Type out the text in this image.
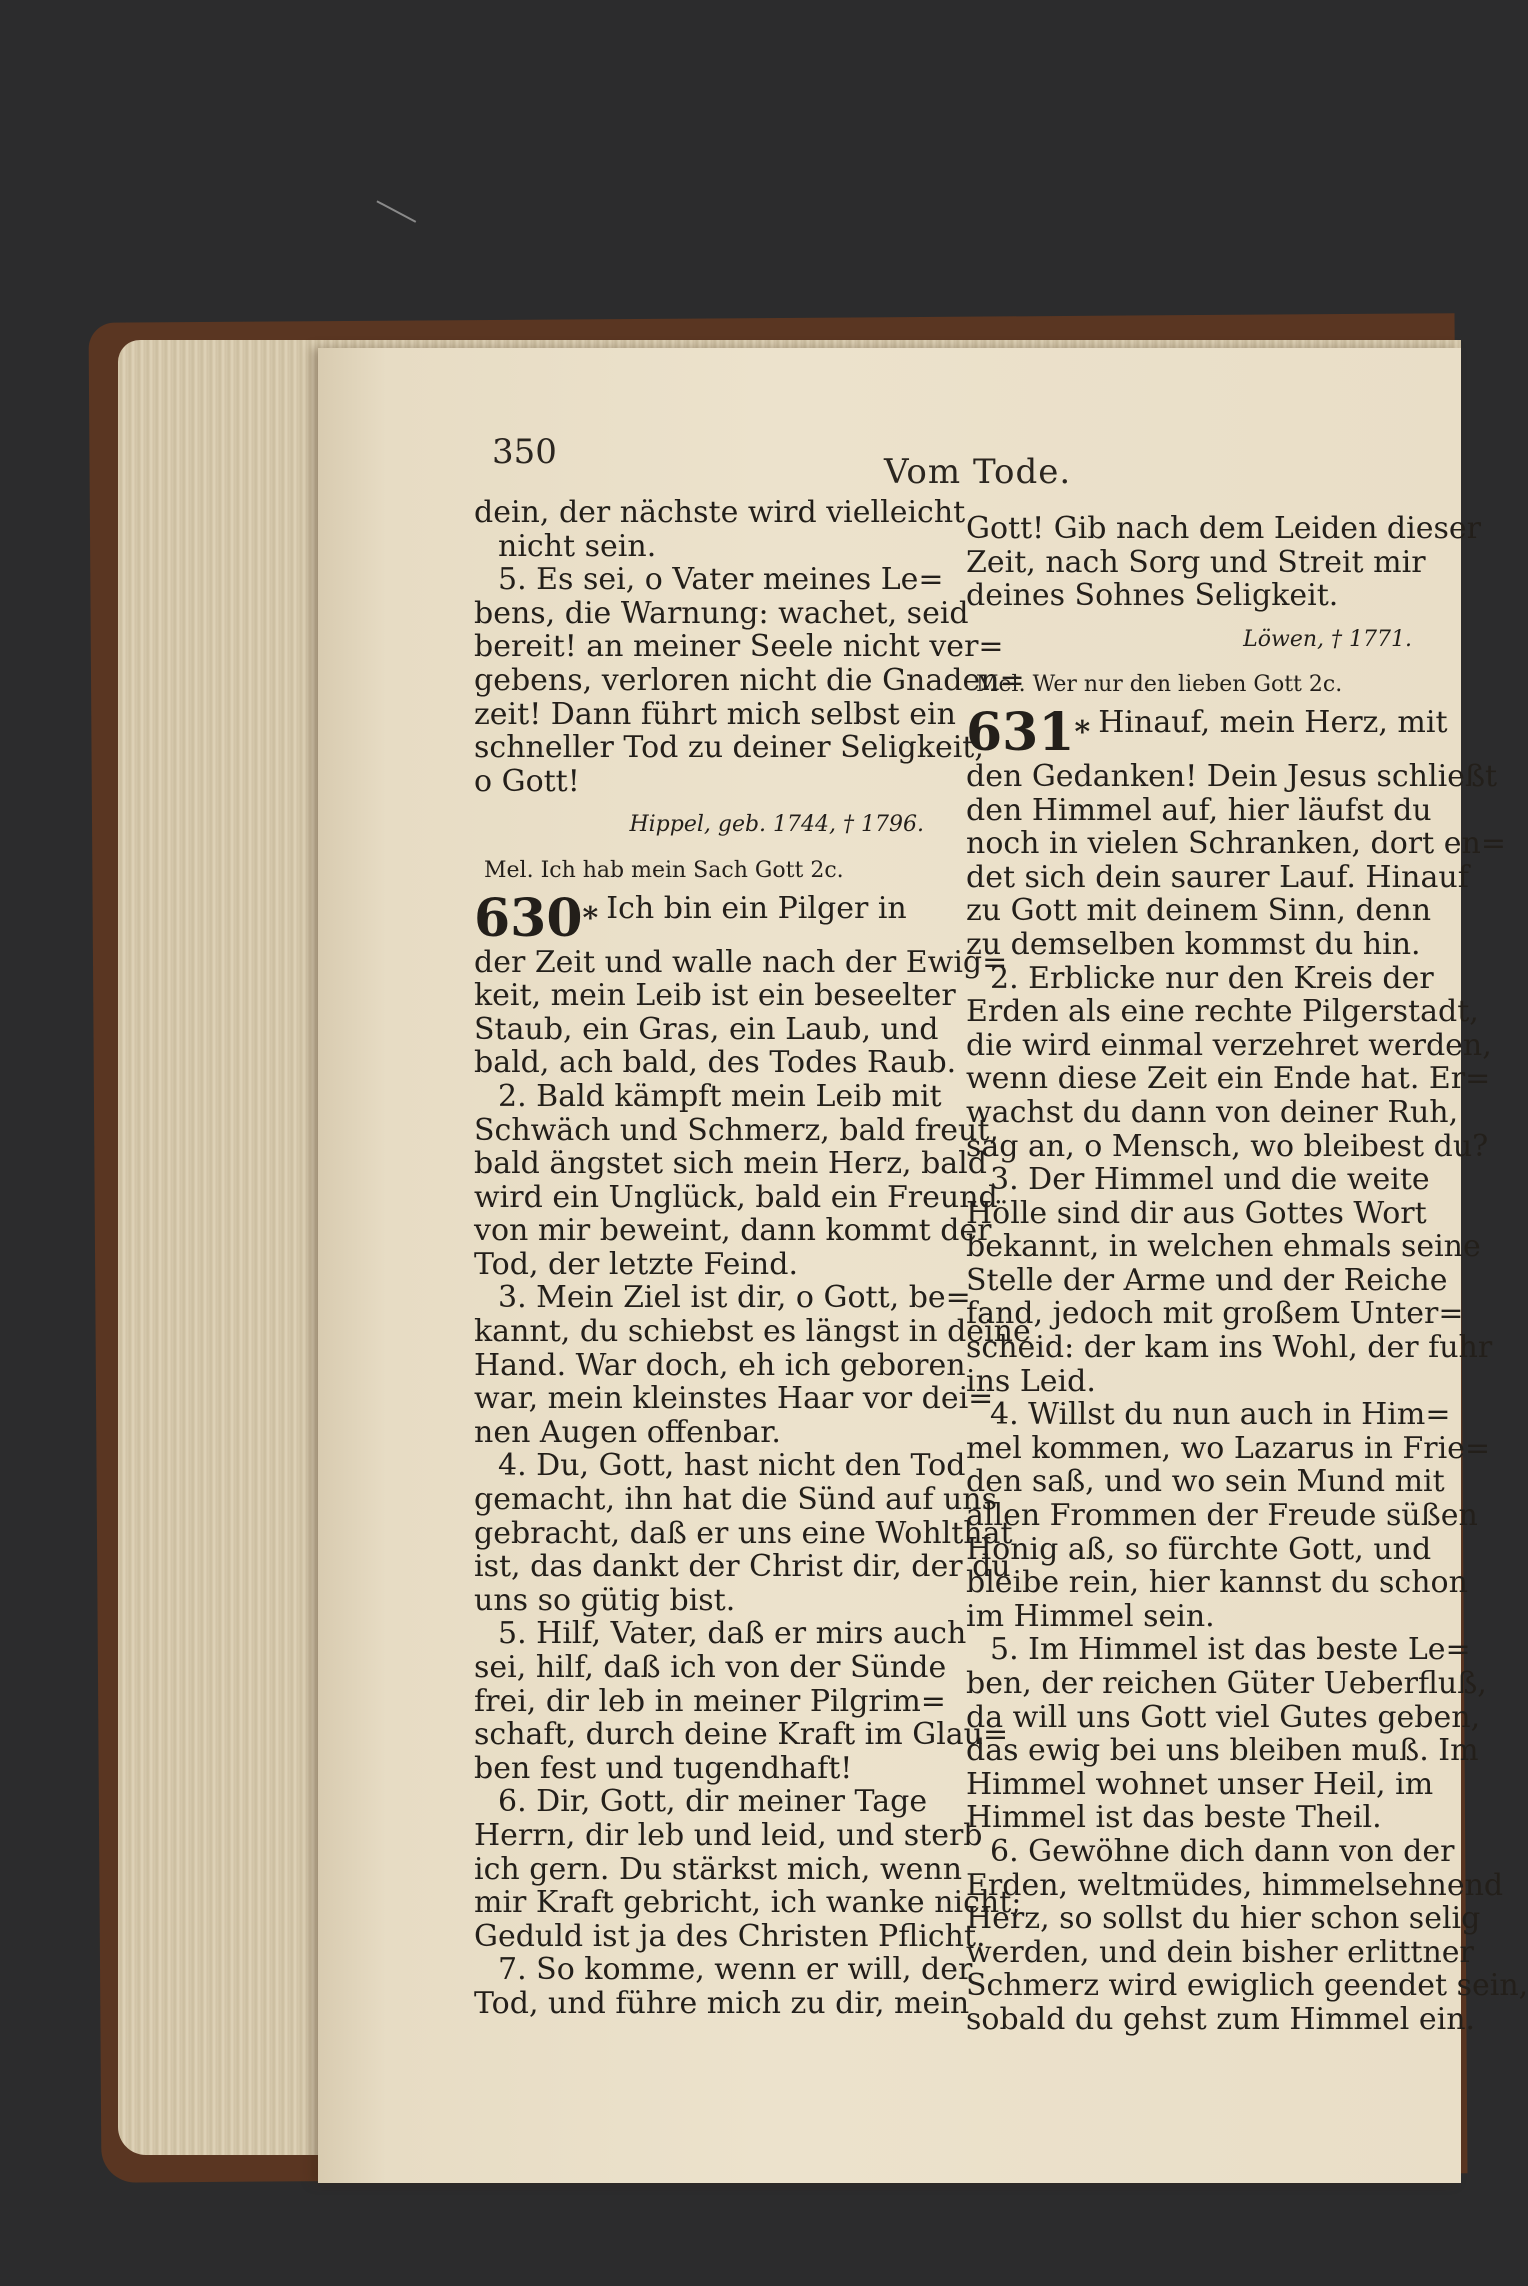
350	Vom Tode.
dein, der nächste wird vielleicht
nicht sein.
5. Es sei, o Vater meines Le=
bens, die Warnung: wachet, seid
bereit! an meiner Seele nicht ver=
gebens, verloren nicht die Gnaden=
zeit! Dann führt mich selbst ein
schneller Tod zu deiner Seligkeit,
o Gott!
Hippel, geb. 1744, † 1796.
Mel. Ich hab mein Sach Gott 2c.
630* Ich bin ein Pilger in
der Zeit und walle nach der Ewig=
keit, mein Leib ist ein beseelter
Staub, ein Gras, ein Laub, und
bald, ach bald, des Todes Raub.
2. Bald kämpft mein Leib mit
Schwäch und Schmerz, bald freut,
bald ängstet sich mein Herz, bald
wird ein Unglück, bald ein Freund
von mir beweint, dann kommt der
Tod, der letzte Feind.
3. Mein Ziel ist dir, o Gott, be=
kannt, du schiebst es längst in deine
Hand. War doch, eh ich geboren
war, mein kleinstes Haar vor dei=
nen Augen offenbar.
4. Du, Gott, hast nicht den Tod
gemacht, ihn hat die Sünd auf uns
gebracht, daß er uns eine Wohlthat
ist, das dankt der Christ dir, der du
uns so gütig bist.
5. Hilf, Vater, daß er mirs auch
sei, hilf, daß ich von der Sünde
frei, dir leb in meiner Pilgrim=
schaft, durch deine Kraft im Glau=
ben fest und tugendhaft!
6. Dir, Gott, dir meiner Tage
Herrn, dir leb und leid, und sterb
ich gern. Du stärkst mich, wenn
mir Kraft gebricht, ich wanke nicht;
Geduld ist ja des Christen Pflicht.
7. So komme, wenn er will, der
Tod, und führe mich zu dir, mein
Gott! Gib nach dem Leiden dieser
Zeit, nach Sorg und Streit mir
deines Sohnes Seligkeit.
Löwen, † 1771.
Mel. Wer nur den lieben Gott 2c.
631* Hinauf, mein Herz, mit
den Gedanken! Dein Jesus schließt
den Himmel auf, hier läufst du
noch in vielen Schranken, dort en=
det sich dein saurer Lauf. Hinauf
zu Gott mit deinem Sinn, denn
zu demselben kommst du hin.
2. Erblicke nur den Kreis der
Erden als eine rechte Pilgerstadt,
die wird einmal verzehret werden,
wenn diese Zeit ein Ende hat. Er=
wachst du dann von deiner Ruh,
sag an, o Mensch, wo bleibest du?
3. Der Himmel und die weite
Hölle sind dir aus Gottes Wort
bekannt, in welchen ehmals seine
Stelle der Arme und der Reiche
fand, jedoch mit großem Unter=
scheid: der kam ins Wohl, der fuhr
ins Leid.
4. Willst du nun auch in Him=
mel kommen, wo Lazarus in Frie=
den saß, und wo sein Mund mit
allen Frommen der Freude süßen
Honig aß, so fürchte Gott, und
bleibe rein, hier kannst du schon
im Himmel sein.
5. Im Himmel ist das beste Le=
ben, der reichen Güter Ueberfluß,
da will uns Gott viel Gutes geben,
das ewig bei uns bleiben muß. Im
Himmel wohnet unser Heil, im
Himmel ist das beste Theil.
6. Gewöhne dich dann von der
Erden, weltmüdes, himmelsehnend
Herz, so sollst du hier schon selig
werden, und dein bisher erlittner
Schmerz wird ewiglich geendet sein,
sobald du gehst zum Himmel ein.
